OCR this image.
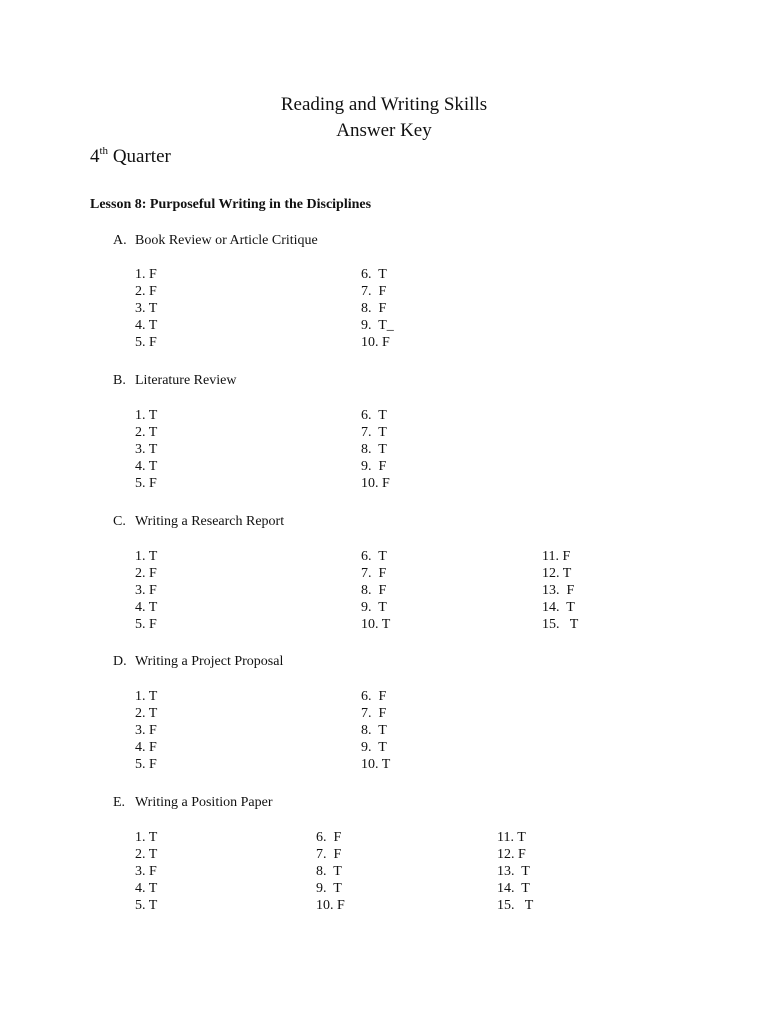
Reading and Writing Skills
Answer Key
4th Quarter
Lesson 8: Purposeful Writing in the Disciplines
A. Book Review or Article Critique
1. F
2. F
3. T
4. T
5. F
6.  T
7.  F
8.  F
9.  T_
10. F
B. Literature Review
1. T
2. T
3. T
4. T
5. F
6.  T
7.  T
8.  T
9.  F
10. F
C. Writing a Research Report
1. T
2. F
3. F
4. T
5. F
6.  T
7.  F
8.  F
9.  T
10. T
11. F
12. T
13.  F
14.  T
15.   T
D. Writing a Project Proposal
1. T
2. T
3. F
4. F
5. F
6.  F
7.  F
8.  T
9.  T
10. T
E. Writing a Position Paper
1. T
2. T
3. F
4. T
5. T
6.  F
7.  F
8.  T
9.  T
10. F
11. T
12. F
13.  T
14.  T
15.   T
